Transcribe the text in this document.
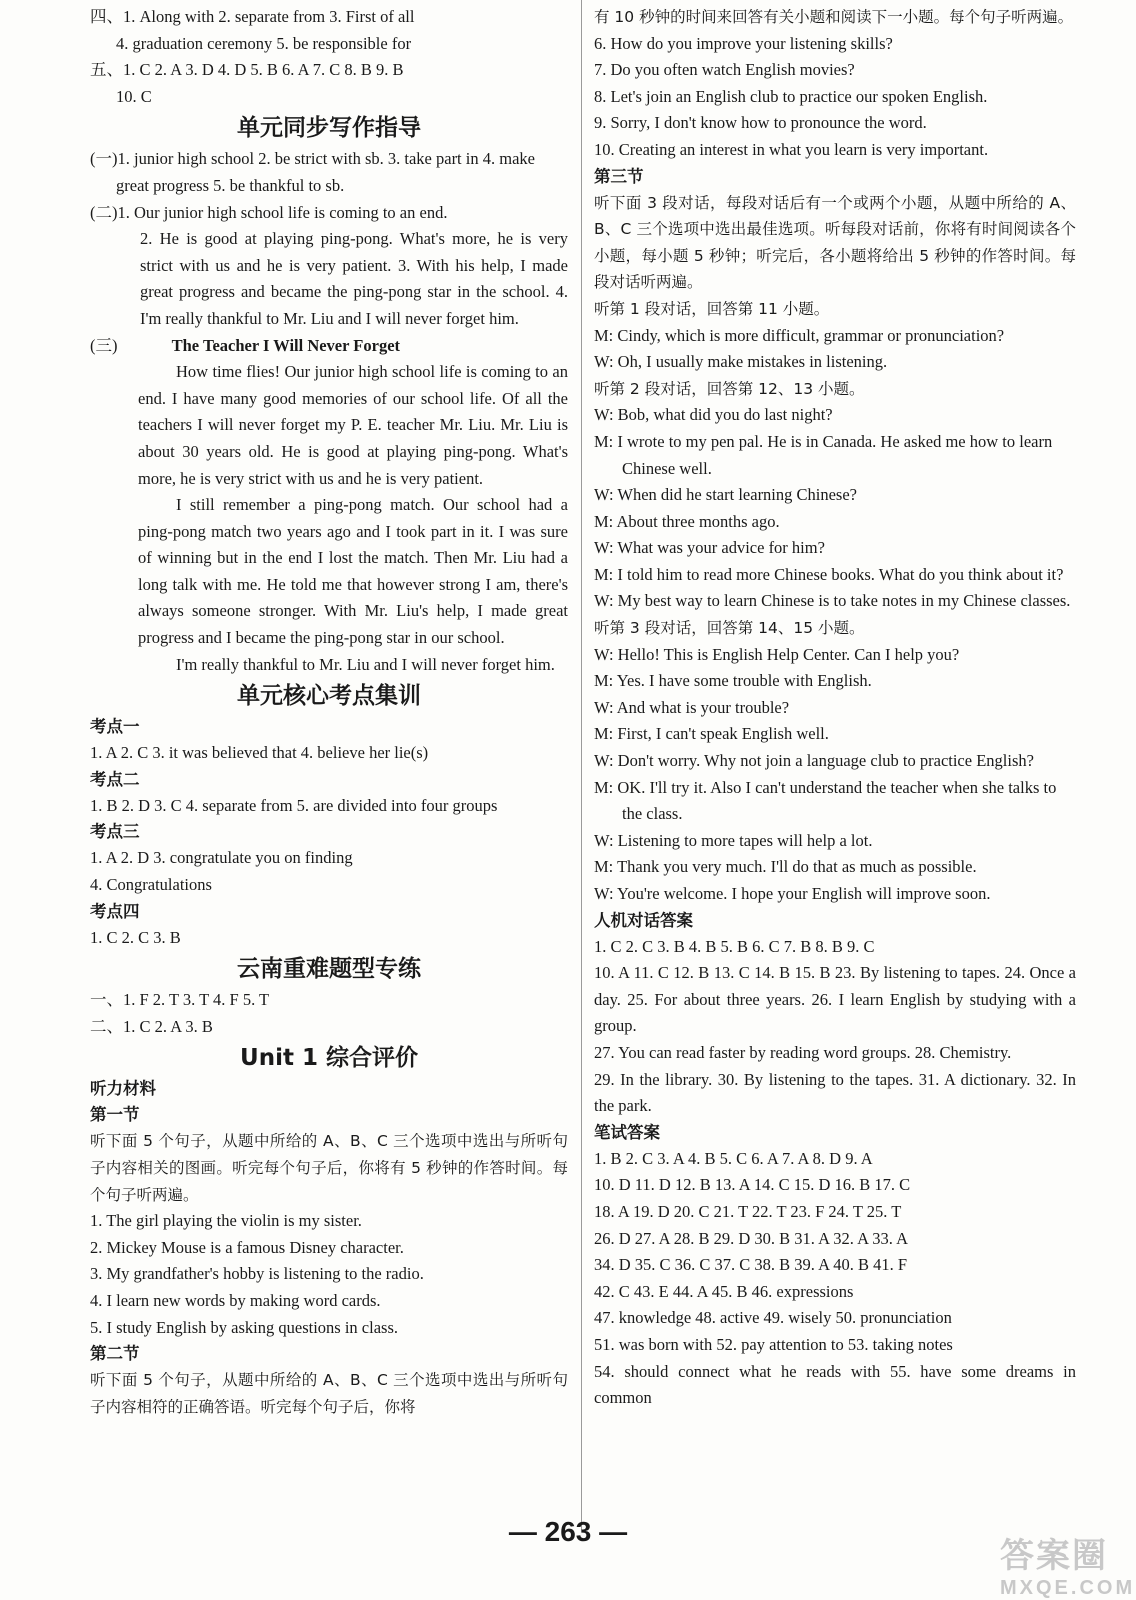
四、1. Along with 2. separate from 3. First of all
4. graduation ceremony 5. be responsible for
五、1. C 2. A 3. D 4. D 5. B 6. A 7. C 8. B 9. B
10. C
单元同步写作指导
(一)1. junior high school 2. be strict with sb. 3. take part in 4. make great progress 5. be thankful to sb.
(二)1. Our junior high school life is coming to an end.
2. He is good at playing ping-pong. What's more, he is very strict with us and he is very patient. 3. With his help, I made great progress and became the ping-pong star in the school. 4. I'm really thankful to Mr. Liu and I will never forget him.
(三)	The Teacher I Will Never Forget
How time flies! Our junior high school life is coming to an end. I have many good memories of our school life. Of all the teachers I will never forget my P. E. teacher Mr. Liu. Mr. Liu is about 30 years old. He is good at playing ping-pong. What's more, he is very strict with us and he is very patient.
I still remember a ping-pong match. Our school had a ping-pong match two years ago and I took part in it. I was sure of winning but in the end I lost the match. Then Mr. Liu had a long talk with me. He told me that however strong I am, there's always someone stronger. With Mr. Liu's help, I made great progress and I became the ping-pong star in our school.
I'm really thankful to Mr. Liu and I will never forget him.
单元核心考点集训
考点一
1. A 2. C 3. it was believed that 4. believe her lie(s)
考点二
1. B 2. D 3. C 4. separate from 5. are divided into four groups
考点三
1. A 2. D 3. congratulate you on finding
4. Congratulations
考点四
1. C 2. C 3. B
云南重难题型专练
一、1. F 2. T 3. T 4. F 5. T
二、1. C 2. A 3. B
Unit 1 综合评价
听力材料
第一节
听下面 5 个句子，从题中所给的 A、B、C 三个选项中选出与所听句子内容相关的图画。听完每个句子后，你将有 5 秒钟的作答时间。每个句子听两遍。
1. The girl playing the violin is my sister.
2. Mickey Mouse is a famous Disney character.
3. My grandfather's hobby is listening to the radio.
4. I learn new words by making word cards.
5. I study English by asking questions in class.
第二节
听下面 5 个句子，从题中所给的 A、B、C 三个选项中选出与所听句子内容相符的正确答语。听完每个句子后，你将
有 10 秒钟的时间来回答有关小题和阅读下一小题。每个句子听两遍。
6. How do you improve your listening skills?
7. Do you often watch English movies?
8. Let's join an English club to practice our spoken English.
9. Sorry, I don't know how to pronounce the word.
10. Creating an interest in what you learn is very important.
第三节
听下面 3 段对话，每段对话后有一个或两个小题，从题中所给的 A、B、C 三个选项中选出最佳选项。听每段对话前，你将有时间阅读各个小题，每小题 5 秒钟；听完后，各小题将给出 5 秒钟的作答时间。每段对话听两遍。
听第 1 段对话，回答第 11 小题。
M: Cindy, which is more difficult, grammar or pronunciation?
W: Oh, I usually make mistakes in listening.
听第 2 段对话，回答第 12、13 小题。
W: Bob, what did you do last night?
M: I wrote to my pen pal. He is in Canada. He asked me how to learn Chinese well.
W: When did he start learning Chinese?
M: About three months ago.
W: What was your advice for him?
M: I told him to read more Chinese books. What do you think about it?
W: My best way to learn Chinese is to take notes in my Chinese classes.
听第 3 段对话，回答第 14、15 小题。
W: Hello! This is English Help Center. Can I help you?
M: Yes. I have some trouble with English.
W: And what is your trouble?
M: First, I can't speak English well.
W: Don't worry. Why not join a language club to practice English?
M: OK. I'll try it. Also I can't understand the teacher when she talks to the class.
W: Listening to more tapes will help a lot.
M: Thank you very much. I'll do that as much as possible.
W: You're welcome. I hope your English will improve soon.
人机对话答案
1. C 2. C 3. B 4. B 5. B 6. C 7. B 8. B 9. C
10. A 11. C 12. B 13. C 14. B 15. B 23. By listening to tapes. 24. Once a day. 25. For about three years. 26. I learn English by studying with a group.
27. You can read faster by reading word groups. 28. Chemistry.
29. In the library. 30. By listening to the tapes. 31. A dictionary. 32. In the park.
笔试答案
1. B 2. C 3. A 4. B 5. C 6. A 7. A 8. D 9. A
10. D 11. D 12. B 13. A 14. C 15. D 16. B 17. C
18. A 19. D 20. C 21. T 22. T 23. F 24. T 25. T
26. D 27. A 28. B 29. D 30. B 31. A 32. A 33. A
34. D 35. C 36. C 37. C 38. B 39. A 40. B 41. F
42. C 43. E 44. A 45. B 46. expressions
47. knowledge 48. active 49. wisely 50. pronunciation
51. was born with 52. pay attention to 53. taking notes
54. should connect what he reads with 55. have some dreams in common
— 263 —
答案圈
MXQE.COM
